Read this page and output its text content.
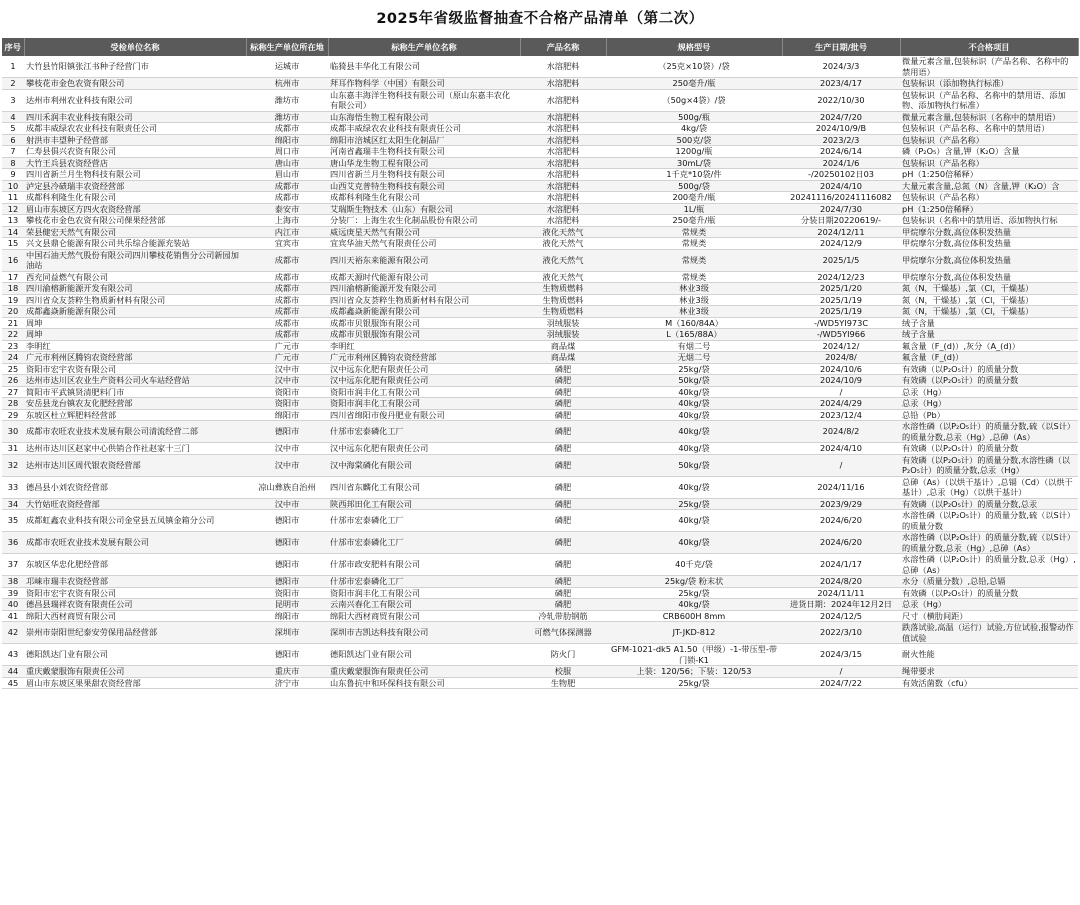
2025年省级监督抽查不合格产品清单（第二次）
序号	受检单位名称	标称生产单位所在地	标称生产单位名称	产品名称	规格型号	生产日期/批号	不合格项目
1	大竹县竹阳镇张江书种子经营门市	运城市	临猗县丰华化工有限公司	水溶肥料	（25克×10袋）/袋	2024/3/3	微量元素含量,包装标识（产品名称、名称中的禁用语）
2	攀枝花市金色农资有限公司	杭州市	拜耳作物科学（中国）有限公司	水溶肥料	250毫升/瓶	2023/4/17	包装标识（添加物执行标准）
3	达州市利州农业科技有限公司	潍坊市	山东嘉丰海洋生物科技有限公司（原山东嘉丰农化有限公司）	水溶肥料	（50g×4袋）/袋	2022/10/30	包装标识（产品名称、名称中的禁用语、添加物、添加物执行标准）
4	四川禾润丰农业科技有限公司	潍坊市	山东海悟生物工程有限公司	水溶肥料	500g/瓶	2024/7/20	微量元素含量,包装标识（名称中的禁用语）
5	成都丰威绿农农业科技有限责任公司	成都市	成都丰威绿农农业科技有限责任公司	水溶肥料	4kg/袋	2024/10/9/B	包装标识（产品名称、名称中的禁用语）
6	射洪市丰望种子经营部	绵阳市	绵阳市涪城区红太阳生化制品厂	水溶肥料	500克/袋	2023/2/3	包装标识（产品名称）
7	仁寿县俱兴农资有限公司	周口市	河南省鑫瑞丰生物科技有限公司	水溶肥料	1200g/瓶	2024/6/14	磷（P₂O₅）含量,钾（K₂O）含量
8	大竹王兵县农资经营店	唐山市	唐山华龙生物工程有限公司	水溶肥料	30mL/袋	2024/1/6	包装标识（产品名称）
9	四川省新兰月生物科技有限公司	眉山市	四川省新兰月生物科技有限公司	水溶肥料	1千克*10袋/件	-/20250102日03	pH（1:250倍稀释）
10	泸定县冷碛瑞丰农资经营部	成都市	山西艾克普特生物科技有限公司	水溶肥料	500g/袋	2024/4/10	大量元素含量,总氮（N）含量,钾（K₂O）含
11	成都科利隆生化有限公司	成都市	成都科利隆生化有限公司	水溶肥料	200毫升/瓶	20241116/20241116082	包装标识（产品名称）
12	眉山市东坡区方四火农资经营部	泰安市	艾瑞斯生物技术（山东）有限公司	水溶肥料	1L/瓶	2024/7/30	pH（1:250倍稀释）
13	攀枝花市金色农资有限公司倮果经营部	上海市	分装厂：上海生农生化制品股份有限公司	水溶肥料	250毫升/瓶	分装日期20220619/-	包装标识（名称中的禁用语、添加物执行标
14	荣县健宏天然气有限公司	内江市	威远庚星天然气有限公司	液化天然气	常规类	2024/12/11	甲烷摩尔分数,高位体积发热量
15	兴文县鼎仑能源有限公司共乐综合能源充装站	宜宾市	宜宾华油天然气有限责任公司	液化天然气	常规类	2024/12/9	甲烷摩尔分数,高位体积发热量
16	中国石油天然气股份有限公司四川攀枝花销售分公司新园加油站	成都市	四川天裕东来能源有限公司	液化天然气	常规类	2025/1/5	甲烷摩尔分数,高位体积发热量
17	西充同益燃气有限公司	成都市	成都天源时代能源有限公司	液化天然气	常规类	2024/12/23	甲烷摩尔分数,高位体积发热量
18	四川渝榕新能源开发有限公司	成都市	四川渝榕新能源开发有限公司	生物质燃料	林业3级	2025/1/20	氮（N，干燥基）,氯（Cl，干燥基）
19	四川省众友荟粹生物质新材料有限公司	成都市	四川省众友荟粹生物质新材料有限公司	生物质燃料	林业3级	2025/1/19	氮（N，干燥基）,氯（Cl，干燥基）
20	成都鑫焱新能源有限公司	成都市	成都鑫焱新能源有限公司	生物质燃料	林业3级	2025/1/19	氮（N，干燥基）,氯（Cl，干燥基）
21	周坤	成都市	成都市贝银服饰有限公司	羽绒服装	M（160/84A）	-/WD5YI973C	绒子含量
22	周坤	成都市	成都市贝银服饰有限公司	羽绒服装	L（165/88A）	-/WD5YI966	绒子含量
23	李明红	广元市	李明红	商品煤	有烟二号	2024/12/	氟含量（F_(d)）,灰分（A_(d)）
24	广元市利州区腾钧农资经营部	广元市	广元市利州区腾钧农资经营部	商品煤	无烟二号	2024/8/	氟含量（F_(d)）
25	资阳市宏宇农资有限公司	汉中市	汉中远东化肥有限责任公司	磷肥	25kg/袋	2024/10/6	有效磷（以P₂O₅计）的质量分数
26	达州市达川区农业生产资料公司火车站经营站	汉中市	汉中远东化肥有限责任公司	磷肥	50kg/袋	2024/10/9	有效磷（以P₂O₅计）的质量分数
27	简阳市平武镇贤清肥料门市	资阳市	资阳市润丰化工有限公司	磷肥	40kg/袋	/	总汞（Hg）
28	安岳县龙台镇农友化肥经营部	资阳市	资阳市润丰化工有限公司	磷肥	40kg/袋	2024/4/29	总汞（Hg）
29	东坡区杜立辉肥料经营部	绵阳市	四川省绵阳市俊丹肥业有限公司	磷肥	40kg/袋	2023/12/4	总铅（Pb）
30	成都市农旺农业技术发展有限公司清流经营二部	德阳市	什邡市宏泰磷化工厂	磷肥	40kg/袋	2024/8/2	水溶性磷（以P₂O₅计）的质量分数,硫（以S计）的质量分数,总汞（Hg）,总砷（As）
31	达州市达川区赵家中心供销合作社赵家十三门	汉中市	汉中远东化肥有限责任公司	磷肥	40kg/袋	2024/4/10	有效磷（以P₂O₅计）的质量分数
32	达州市达川区周代银农资经营部	汉中市	汉中海棠磷化有限公司	磷肥	50kg/袋	/	有效磷（以P₂O₅计）的质量分数,水溶性磷（以P₂O₅计）的质量分数,总汞（Hg）
33	德昌县小刘农资经营部	凉山彝族自治州	四川省东麟化工有限公司	磷肥	40kg/袋	2024/11/16	总砷（As）（以烘干基计）,总镉（Cd）（以烘干基计）,总汞（Hg）（以烘干基计）
34	大竹姑旺农资经营部	汉中市	陕西邦田化工有限公司	磷肥	25kg/袋	2023/9/29	有效磷（以P₂O₅计）的质量分数,总汞
35	成都虹鑫农业科技有限公司金堂县五凤镇金箱分公司	德阳市	什邡市宏泰磷化工厂	磷肥	40kg/袋	2024/6/20	水溶性磷（以P₂O₅计）的质量分数,硫（以S计）的质量分数
36	成都市农旺农业技术发展有限公司	德阳市	什邡市宏泰磷化工厂	磷肥	40kg/袋	2024/6/20	水溶性磷（以P₂O₅计）的质量分数,硫（以S计）的质量分数,总汞（Hg）,总砷（As）
37	东坡区华忠化肥经营部	德阳市	什邡市政安肥料有限公司	磷肥	40千克/袋	2024/1/17	水溶性磷（以P₂O₅计）的质量分数,总汞（Hg）,总砷（As）
38	邛崃市瑞丰农资经营部	德阳市	什邡市宏泰磷化工厂	磷肥	25kg/袋 粉末状	2024/8/20	水分（质量分数）,总铅,总镉
39	资阳市宏宇农资有限公司	资阳市	资阳市润丰化工有限公司	磷肥	25kg/袋	2024/11/11	有效磷（以P₂O₅计）的质量分数
40	德昌县瑞祥农资有限责任公司	昆明市	云南兴春化工有限公司	磷肥	40kg/袋	进货日期：2024年12月2日	总汞（Hg）
41	绵阳大西材商贸有限公司	绵阳市	绵阳大西材商贸有限公司	冷轧带肋钢筋	CRB600H 8mm	2024/12/5	尺寸（横肋间距）
42	崇州市崇阳世纪泰安劳保用品经营部	深圳市	深圳市吉凯达科技有限公司	可燃气体探测器	JT-JKD-812	2022/3/10	跌落试验,高温（运行）试验,方位试验,报警动作值试验
43	德阳凯达门业有限公司	德阳市	德阳凯达门业有限公司	防火门	GFM-1021-dk5 A1.50（甲级）-1-带压型-带门锁-K1	2024/3/15	耐火性能
44	重庆戴蒙服饰有限责任公司	重庆市	重庆戴蒙服饰有限责任公司	校服	上装：120/56；下装：120/53	/	绳带要求
45	眉山市东坡区果果甜农资经营部	济宁市	山东鲁抗中和环保科技有限公司	生物肥	25kg/袋	2024/7/22	有效活菌数（cfu）
